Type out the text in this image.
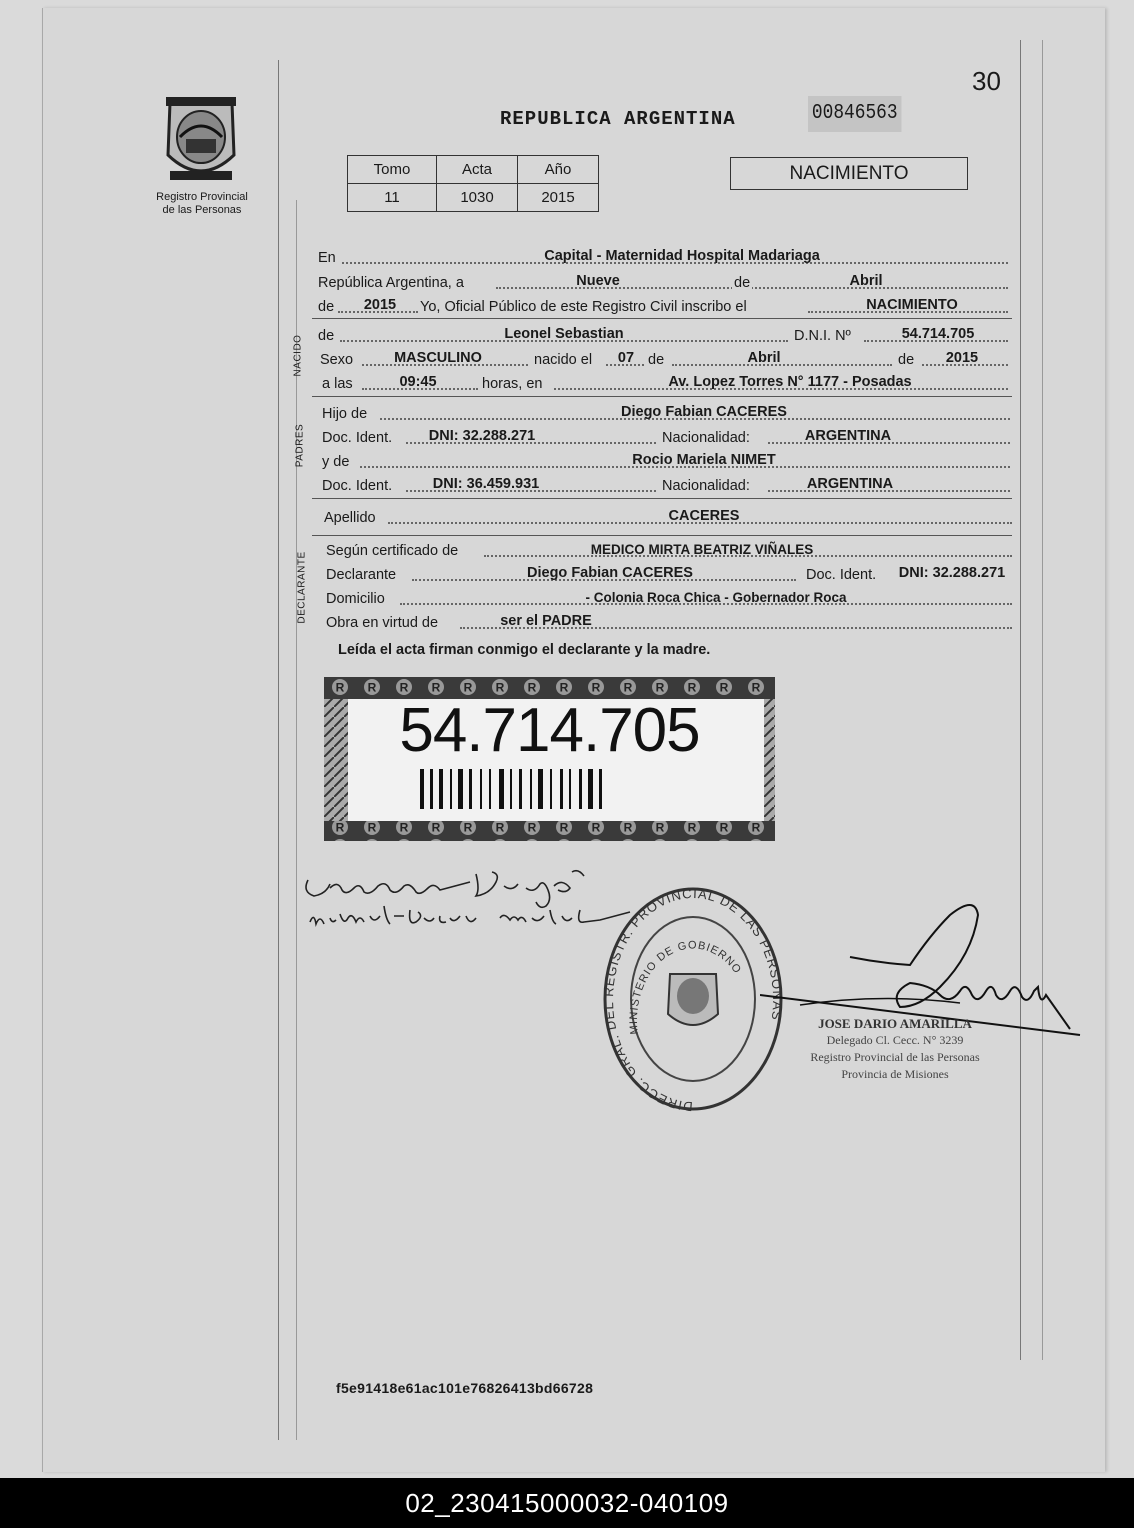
30
Registro Provincial
de las Personas
REPUBLICA ARGENTINA	00846563
Tomo	Acta	Año
11	1030	2015
NACIMIENTO
En	Capital - Maternidad Hospital Madariaga
República Argentina, a	Nueve	de	Abril
de 2015 Yo, Oficial Público de este Registro Civil inscribo el	NACIMIENTO
NACIDO de	Leonel Sebastian	D.N.I. Nº	54.714.705
Sexo	MASCULINO	nacido el 07 de	Abril	de 2015
a las	09:45	horas, en	Av. Lopez Torres N° 1177 - Posadas
PADRES
Hijo de	Diego Fabian CACERES
Doc. Ident.	DNI: 32.288.271	Nacionalidad:	ARGENTINA
y de	Rocio Mariela NIMET
Doc. Ident.	DNI: 36.459.931	Nacionalidad:	ARGENTINA
Apellido	CACERES
DECLARANTE
Según certificado de	MEDICO MIRTA BEATRIZ VIÑALES
Declarante	Diego Fabian CACERES	Doc. Ident. DNI: 32.288.271
Domicilio	- Colonia Roca Chica - Gobernador Roca
Obra en virtud de	ser el PADRE
Leída el acta firman conmigo el declarante y la madre.
54.714.705
DIRECC. GRAL. DEL REGISTR. PROVINCIAL DE LAS PERSONAS
MINISTERIO DE GOBIERNO
JOSE DARIO AMARILLA
Delegado Cl. Cecc. N° 3239
Registro Provincial de las Personas
Provincia de Misiones
f5e91418e61ac101e76826413bd66728
02_230415000032-040109
